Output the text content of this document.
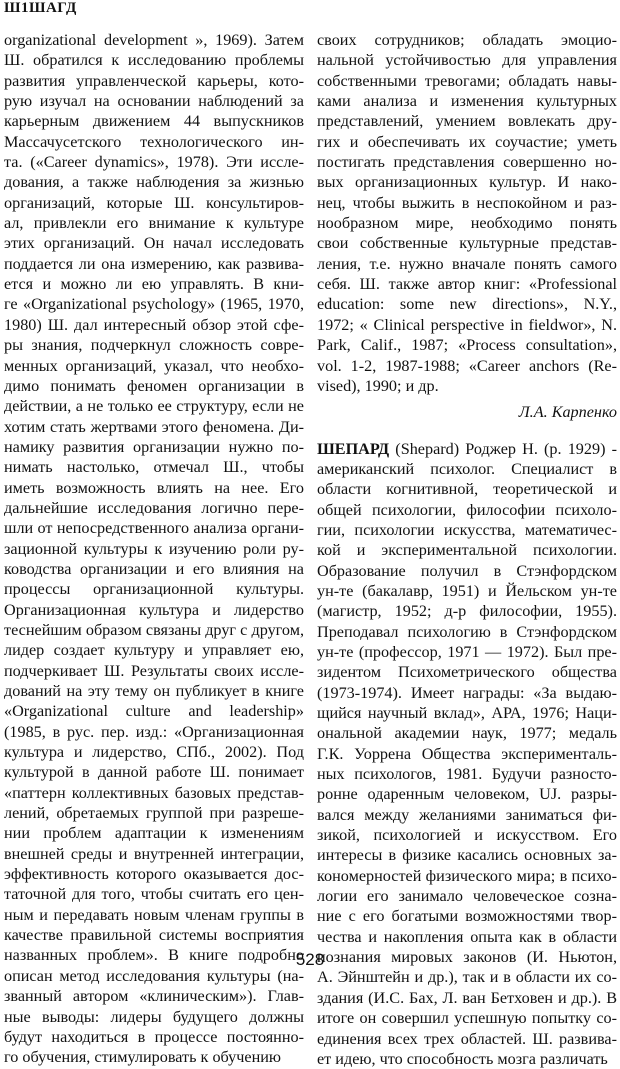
Ш1ШАГД
organizational development », 1969). Затем
Ш. обратился к исследованию проблемы
развития управленческой карьеры, кото-
рую изучал на основании наблюдений за
карьерным движением 44 выпускников
Массачусетского технологического ин-
та. («Career dynamics», 1978). Эти иссле-
дования, а также наблюдения за жизнью
организаций, которые Ш. консультиров-
ал, привлекли его внимание к культуре
этих организаций. Он начал исследовать
поддается ли она измерению, как развива-
ется и можно ли ею управлять. В кни-
ге «Organizational psychology» (1965, 1970,
1980) Ш. дал интересный обзор этой сфе-
ры знания, подчеркнул сложность совре-
менных организаций, указал, что необхо-
димо понимать феномен организации в
действии, а не только ее структуру, если не
хотим стать жертвами этого феномена. Ди-
намику развития организации нужно по-
нимать настолько, отмечал Ш., чтобы
иметь возможность влиять на нее. Его
дальнейшие исследования логично пере-
шли от непосредственного анализа органи-
зационной культуры к изучению роли ру-
ководства организации и его влияния на
процессы организационной культуры.
Организационная культура и лидерство
теснейшим образом связаны друг с другом,
лидер создает культуру и управляет ею,
подчеркивает Ш. Результаты своих иссле-
дований на эту тему он публикует в книге
«Organizational culture and leadership»
(1985, в рус. пер. изд.: «Организационная
культура и лидерство, СПб., 2002). Под
культурой в данной работе Ш. понимает
«паттерн коллективных базовых представ-
лений, обретаемых группой при разреше-
нии проблем адаптации к изменениям
внешней среды и внутренней интеграции,
эффективность которого оказывается дос-
таточной для того, чтобы считать его цен-
ным и передавать новым членам группы в
качестве правильной системы восприятия
названных проблем». В книге подробно
описан метод исследования культуры (на-
званный автором «клиническим»). Глав-
ные выводы: лидеры будущего должны
будут находиться в процессе постоянно-
го обучения, стимулировать к обучению
своих сотрудников; обладать эмоцио-
нальной устойчивостью для управления
собственными тревогами; обладать навы-
ками анализа и изменения культурных
представлений, умением вовлекать дру-
гих и обеспечивать их соучастие; уметь
постигать представления совершенно но-
вых организационных культур. И нако-
нец, чтобы выжить в неспокойном и раз-
нообразном мире, необходимо понять
свои собственные культурные представ-
ления, т.е. нужно вначале понять самого
себя. Ш. также автор книг: «Professional
education: some new directions», N.Y.,
1972; « Clinical perspective in fieldwor», N.
Park, Calif., 1987; «Process consultation»,
vol. 1-2, 1987-1988; «Career anchors (Re-
vised), 1990; и др.
Л.А. Карпенко
ШЕПАРД (Shepard) Роджер Н. (р. 1929) -
американский психолог. Специалист в
области когнитивной, теоретической и
общей психологии, философии психоло-
гии, психологии искусства, математичес-
кой и экспериментальной психологии.
Образование получил в Стэнфордском
ун-те (бакалавр, 1951) и Йельском ун-те
(магистр, 1952; д-р философии, 1955).
Преподавал психологию в Стэнфордском
ун-те (профессор, 1971 — 1972). Был пре-
зидентом Психометрического общества
(1973-1974). Имеет награды: «За выдаю-
щийся научный вклад», АРА, 1976; Наци-
ональной академии наук, 1977; медаль
Г.К. Уоррена Общества эксперименталь-
ных психологов, 1981. Будучи разносто-
ронне одаренным человеком, UJ. разры-
вался между желаниями заниматься фи-
зикой, психологией и искусством. Его
интересы в физике касались основных за-
кономерностей физического мира; в психо-
логии его занимало человеческое созна-
ние с его богатыми возможностями твор-
чества и накопления опыта как в области
познания мировых законов (И. Ньютон,
А. Эйнштейн и др.), так и в области их со-
здания (И.С. Бах, Л. ван Бетховен и др.). В
итоге он совершил успешную попытку со-
единения всех трех областей. Ш. развива-
ет идею, что способность мозга различать
528
